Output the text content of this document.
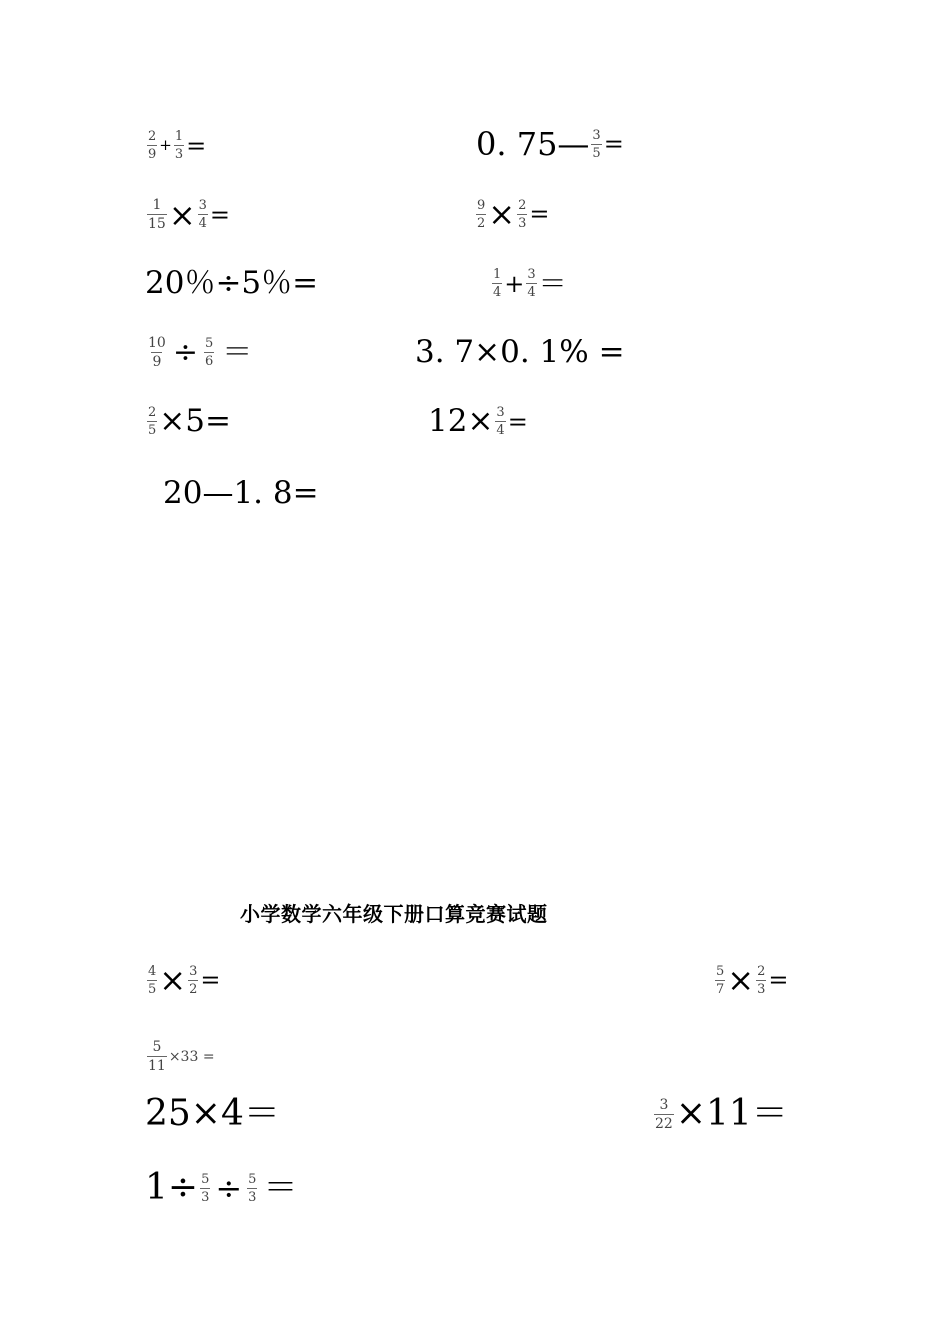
$\frac{2}{9} + \frac{1}{3}$ =	0. 75— $\frac{3}{5}$ =
$\frac{1}{15} \times \frac{3}{4}$ =	$\frac{9}{2} \times \frac{2}{3}$ =
20％÷5％=	$\frac{1}{4} + \frac{3}{4}$ ＝
$\frac{10}{9} \div \frac{5}{6}$ ＝	3. 7×0. 1% =
$\frac{2}{5} \times 5=$	$12\times \frac{3}{4}$ =
20—1. 8=
小学数学六年级下册口算竞赛试题
$\frac{4}{5} \times \frac{3}{2}$ =	$\frac{5}{7} \times \frac{2}{3}$ =
$\frac{5}{11} \times 33$ =
25×4＝	$\frac{3}{22} \times 11=$
$1\div \frac{5}{3} \div \frac{5}{3}$ ＝
